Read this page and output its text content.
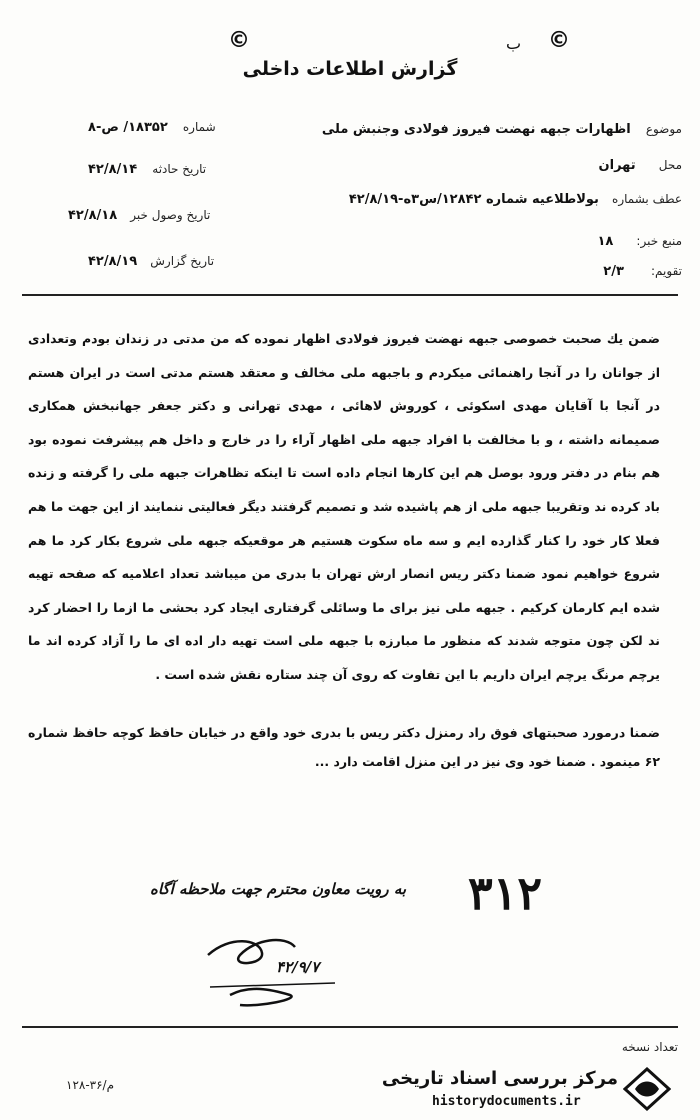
©	ب ©
گزارش اطلاعات داخلی
موضوع اظهارات جبهه نهضت فیروز فولادی وجنبش ملی
محل تهران
عطف بشماره بولاطلاعیه شماره ۱۲۸۴۲/س۳ه-۴۲/۸/۱۹
منبع خبر: ۱۸
تقویم: ۲/۳
شماره ۱۸۳۵۲/ ص-۸
تاریخ حادثه ۴۲/۸/۱۴
تاریخ وصول خبر ۴۲/۸/۱۸
تاریخ گزارش ۴۲/۸/۱۹
ضمن یك صحبت خصوصی جبهه نهضت فیروز فولادی اظهار نموده كه من مدتی در زندان بودم وتعدادی از جوانان را در آنجا راهنمائی میكردم و باجبهه ملی مخالف و معتقد هستم مدتی است در ایران هستم در آنجا با آقایان مهدی اسكوئی ، كوروش لاهائی ، مهدی تهرانی و دكتر جعفر جهانبخش همكاری صمیمانه داشته ، و با مخالفت با افراد جبهه ملی اظهار آراء را در خارج و داخل هم پیشرفت نموده بود هم بنام در دفتر ورود بوصل هم این كارها انجام داده است تا اینكه تظاهرات جبهه ملی را گرفته و زنده باد كرده ند وتقریبا جبهه ملی از هم پاشیده شد و تصمیم گرفتند دیگر فعالیتی ننمایند از این جهت ما هم فعلا كار خود را كنار گذارده ایم و سه ماه سكوت هستیم هر موقعیكه جبهه ملی شروع بكار كرد ما هم شروع خواهیم نمود ضمنا دكتر ریس انصار ارش تهران با بدری من میباشد تعداد اعلامیه كه صفحه تهیه شده ایم كارمان كركیم . جبهه ملی نیز برای ما وسائلی گرفتاری ایجاد كرد بحشی ما ازما را احضار كرد ند لكن چون متوجه شدند كه منظور ما مبارزه با جبهه ملی است تهیه دار اده ای ما را آزاد كرده اند ما یرچم مرنگ یرچم ایران داریم با این تفاوت كه روی آن چند ستاره نقش شده است .
ضمنا درمورد صحبتهای فوق راد رمنزل دكتر ریس با بدری خود واقع در خیابان حافظ كوچه حافظ شماره ۶۲ مینمود . ضمنا خود وی نیز در این منزل اقامت دارد ...
به رویت معاون محترم جهت ملاحظه آگاه ۳۱۲
۴۲/۹/۷
تعداد نسخه
۱۲۸-۳۶/م	مرکز بررسی اسناد تاریخی
historydocuments.ir
